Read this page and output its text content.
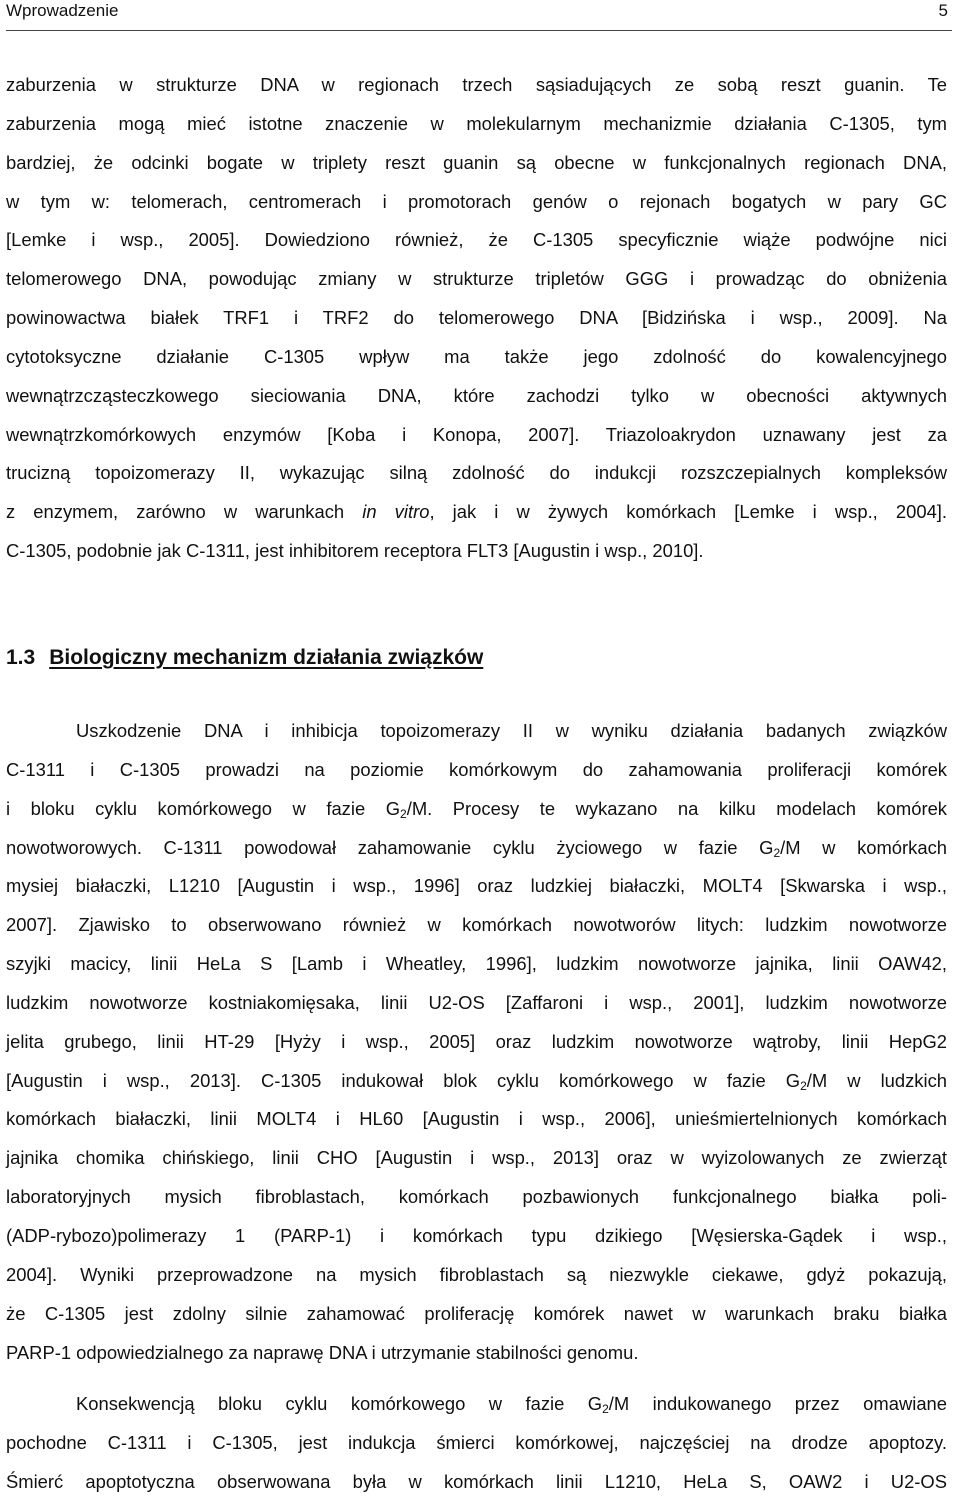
Wprowadzenie	5
zaburzenia w strukturze DNA w regionach trzech sąsiadujących ze sobą reszt guanin. Te
zaburzenia mogą mieć istotne znaczenie w molekularnym mechanizmie działania C-1305, tym
bardziej, że odcinki bogate w triplety reszt guanin są obecne w funkcjonalnych regionach DNA,
w tym w: telomerach, centromerach i promotorach genów o rejonach bogatych w pary GC
[Lemke i wsp., 2005]. Dowiedziono również, że C-1305 specyficznie wiąże podwójne nici
telomerowego DNA, powodując zmiany w strukturze tripletów GGG i prowadząc do obniżenia
powinowactwa białek TRF1 i TRF2 do telomerowego DNA [Bidzińska i wsp., 2009]. Na
cytotoksyczne działanie C-1305 wpływ ma także jego zdolność do kowalencyjnego
wewnątrzcząsteczkowego sieciowania DNA, które zachodzi tylko w obecności aktywnych
wewnątrzkomórkowych enzymów [Koba i Konopa, 2007]. Triazoloakrydon uznawany jest za
trucizną topoizomerazy II, wykazując silną zdolność do indukcji rozszczepialnych kompleksów
z enzymem, zarówno w warunkach in vitro, jak i w żywych komórkach [Lemke i wsp., 2004].
C-1305, podobnie jak C-1311, jest inhibitorem receptora FLT3 [Augustin i wsp., 2010].
1.3 Biologiczny mechanizm działania związków
Uszkodzenie DNA i inhibicja topoizomerazy II w wyniku działania badanych związków
C-1311 i C-1305 prowadzi na poziomie komórkowym do zahamowania proliferacji komórek
i bloku cyklu komórkowego w fazie $G_2/M$. Procesy te wykazano na kilku modelach komórek
nowotworowych. C-1311 powodował zahamowanie cyklu życiowego w fazie $G_2/M$ w komórkach
mysiej białaczki, L1210 [Augustin i wsp., 1996] oraz ludzkiej białaczki, MOLT4 [Skwarska i wsp.,
2007]. Zjawisko to obserwowano również w komórkach nowotworów litych: ludzkim nowotworze
szyjki macicy, linii HeLa S [Lamb i Wheatley, 1996], ludzkim nowotworze jajnika, linii OAW42,
ludzkim nowotworze kostniakomięsaka, linii U2-OS [Zaffaroni i wsp., 2001], ludzkim nowotworze
jelita grubego, linii HT-29 [Hyży i wsp., 2005] oraz ludzkim nowotworze wątroby, linii HepG2
[Augustin i wsp., 2013]. C-1305 indukował blok cyklu komórkowego w fazie $G_2/M$ w ludzkich
komórkach białaczki, linii MOLT4 i HL60 [Augustin i wsp., 2006], unieśmiertelnionych komórkach
jajnika chomika chińskiego, linii CHO [Augustin i wsp., 2013] oraz w wyizolowanych ze zwierząt
laboratoryjnych mysich fibroblastach, komórkach pozbawionych funkcjonalnego białka poli-
(ADP-rybozo)polimerazy 1 (PARP-1) i komórkach typu dzikiego [Węsierska-Gądek i wsp.,
2004]. Wyniki przeprowadzone na mysich fibroblastach są niezwykle ciekawe, gdyż pokazują,
że C-1305 jest zdolny silnie zahamować proliferację komórek nawet w warunkach braku białka
PARP-1 odpowiedzialnego za naprawę DNA i utrzymanie stabilności genomu.
Konsekwencją bloku cyklu komórkowego w fazie $G_2/M$ indukowanego przez omawiane
pochodne C-1311 i C-1305, jest indukcja śmierci komórkowej, najczęściej na drodze apoptozy.
Śmierć apoptotyczna obserwowana była w komórkach linii L1210, HeLa S, OAW2 i U2-OS
